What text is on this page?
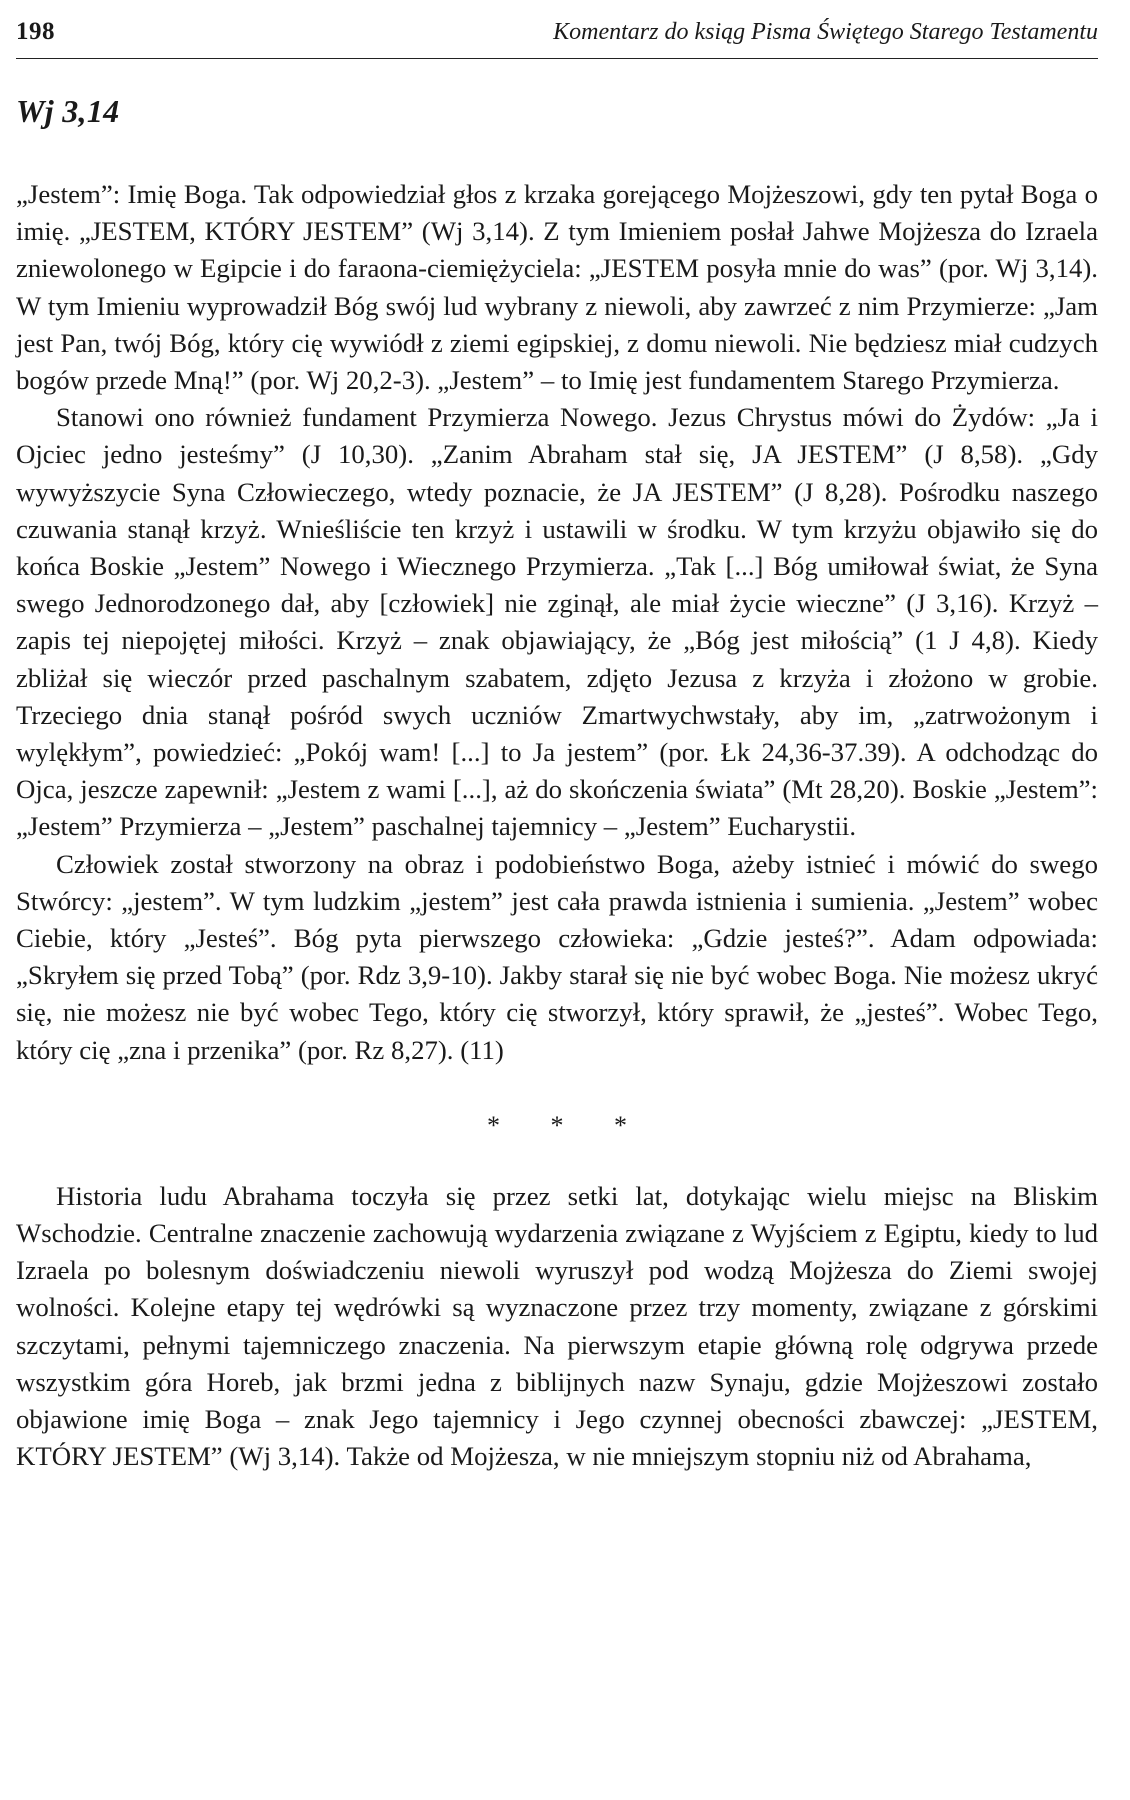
198	Komentarz do ksiąg Pisma Świętego Starego Testamentu
Wj 3,14

„Jestem”: Imię Boga. Tak odpowiedział głos z krzaka gorejącego Mojżeszowi, gdy ten pytał Boga o imię. „JESTEM, KTÓRY JESTEM” (Wj 3,14). Z tym Imieniem posłał Jahwe Mojżesza do Izraela zniewolonego w Egipcie i do faraona-ciemiężyciela: „JESTEM posyła mnie do was” (por. Wj 3,14). W tym Imieniu wyprowadził Bóg swój lud wybrany z niewoli, aby zawrzeć z nim Przymierze: „Jam jest Pan, twój Bóg, który cię wywiódł z ziemi egipskiej, z domu niewoli. Nie będziesz miał cudzych bogów przede Mną!” (por. Wj 20,2-3). „Jestem” – to Imię jest fundamentem Starego Przymierza.

Stanowi ono również fundament Przymierza Nowego. Jezus Chrystus mówi do Żydów: „Ja i Ojciec jedno jesteśmy” (J 10,30). „Zanim Abraham stał się, JA JESTEM” (J 8,58). „Gdy wywyższycie Syna Człowieczego, wtedy poznacie, że JA JESTEM” (J 8,28). Pośrodku naszego czuwania stanął krzyż. Wnieśliście ten krzyż i ustawili w środku. W tym krzyżu objawiło się do końca Boskie „Jestem” Nowego i Wiecznego Przymierza. „Tak [...] Bóg umiłował świat, że Syna swego Jednorodzonego dał, aby [człowiek] nie zginął, ale miał życie wieczne” (J 3,16). Krzyż – zapis tej niepojętej miłości. Krzyż – znak objawiający, że „Bóg jest miłością” (1 J 4,8). Kiedy zbliżał się wieczór przed paschalnym szabatem, zdjęto Jezusa z krzyża i złożono w grobie. Trzeciego dnia stanął pośród swych uczniów Zmartwychwstały, aby im, „zatrwożonym i wylękłym”, powiedzieć: „Pokój wam! [...] to Ja jestem” (por. Łk 24,36-37.39). A odchodząc do Ojca, jeszcze zapewnił: „Jestem z wami [...], aż do skończenia świata” (Mt 28,20). Boskie „Jestem”: „Jestem” Przymierza – „Jestem” paschalnej tajemnicy – „Jestem” Eucharystii.

Człowiek został stworzony na obraz i podobieństwo Boga, ażeby istnieć i mówić do swego Stwórcy: „jestem”. W tym ludzkim „jestem” jest cała prawda istnienia i sumienia. „Jestem” wobec Ciebie, który „Jesteś”. Bóg pyta pierwszego człowieka: „Gdzie jesteś?”. Adam odpowiada: „Skryłem się przed Tobą” (por. Rdz 3,9-10). Jakby starał się nie być wobec Boga. Nie możesz ukryć się, nie możesz nie być wobec Tego, który cię stworzył, który sprawił, że „jesteś”. Wobec Tego, który cię „zna i przenika” (por. Rz 8,27). (11)

* * *

Historia ludu Abrahama toczyła się przez setki lat, dotykając wielu miejsc na Bliskim Wschodzie. Centralne znaczenie zachowują wydarzenia związane z Wyjściem z Egiptu, kiedy to lud Izraela po bolesnym doświadczeniu niewoli wyruszył pod wodzą Mojżesza do Ziemi swojej wolności. Kolejne etapy tej wędrówki są wyznaczone przez trzy momenty, związane z górskimi szczytami, pełnymi tajemniczego znaczenia. Na pierwszym etapie główną rolę odgrywa przede wszystkim góra Horeb, jak brzmi jedna z biblijnych nazw Synaju, gdzie Mojżeszowi zostało objawione imię Boga – znak Jego tajemnicy i Jego czynnej obecności zbawczej: „JESTEM, KTÓRY JESTEM” (Wj 3,14). Także od Mojżesza, w nie mniejszym stopniu niż od Abrahama,
